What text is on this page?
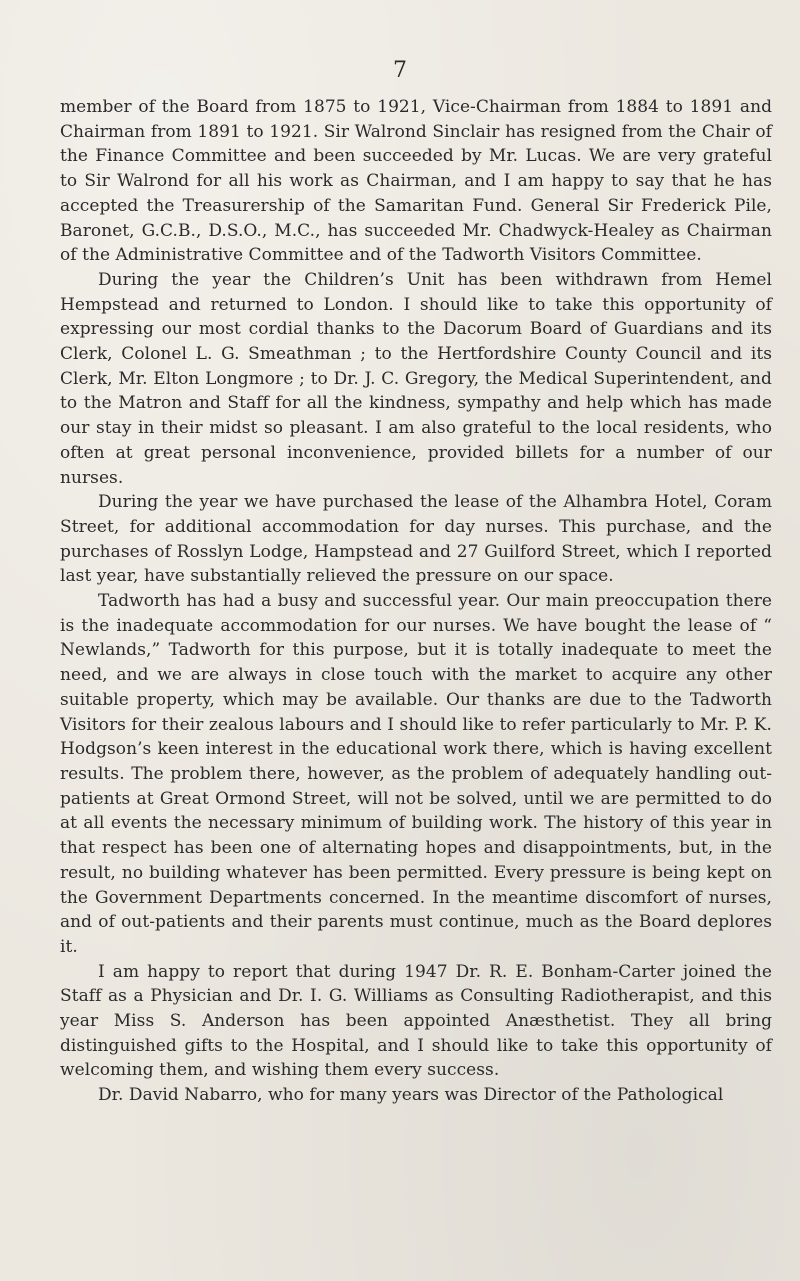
7

member of the Board from 1875 to 1921, Vice-Chairman from 1884 to 1891 and Chairman from 1891 to 1921. Sir Walrond Sinclair has resigned from the Chair of the Finance Committee and been succeeded by Mr. Lucas. We are very grateful to Sir Walrond for all his work as Chairman, and I am happy to say that he has accepted the Treasurership of the Samaritan Fund. General Sir Frederick Pile, Baronet, G.C.B., D.S.O., M.C., has succeeded Mr. Chadwyck-Healey as Chairman of the Administrative Committee and of the Tadworth Visitors Committee.

During the year the Children’s Unit has been withdrawn from Hemel Hempstead and returned to London. I should like to take this opportunity of expressing our most cordial thanks to the Dacorum Board of Guardians and its Clerk, Colonel L. G. Smeathman ; to the Hertfordshire County Council and its Clerk, Mr. Elton Longmore ; to Dr. J. C. Gregory, the Medical Superintendent, and to the Matron and Staff for all the kindness, sympathy and help which has made our stay in their midst so pleasant. I am also grateful to the local residents, who often at great personal inconvenience, provided billets for a number of our nurses.

During the year we have purchased the lease of the Alhambra Hotel, Coram Street, for additional accommodation for day nurses. This purchase, and the purchases of Rosslyn Lodge, Hampstead and 27 Guilford Street, which I reported last year, have substantially relieved the pressure on our space.

Tadworth has had a busy and successful year. Our main preoccupation there is the inadequate accommodation for our nurses. We have bought the lease of “ Newlands,” Tadworth for this purpose, but it is totally inadequate to meet the need, and we are always in close touch with the market to acquire any other suitable property, which may be available. Our thanks are due to the Tadworth Visitors for their zealous labours and I should like to refer particularly to Mr. P. K. Hodgson’s keen interest in the educational work there, which is having excellent results. The problem there, however, as the problem of adequately handling out-patients at Great Ormond Street, will not be solved, until we are permitted to do at all events the necessary minimum of building work. The history of this year in that respect has been one of alternating hopes and disappointments, but, in the result, no building whatever has been permitted. Every pressure is being kept on the Government Departments concerned. In the meantime discomfort of nurses, and of out-patients and their parents must continue, much as the Board deplores it.

I am happy to report that during 1947 Dr. R. E. Bonham-Carter joined the Staff as a Physician and Dr. I. G. Williams as Consulting Radiotherapist, and this year Miss S. Anderson has been appointed Anæsthetist. They all bring distinguished gifts to the Hospital, and I should like to take this opportunity of welcoming them, and wishing them every success.

Dr. David Nabarro, who for many years was Director of the Pathological
